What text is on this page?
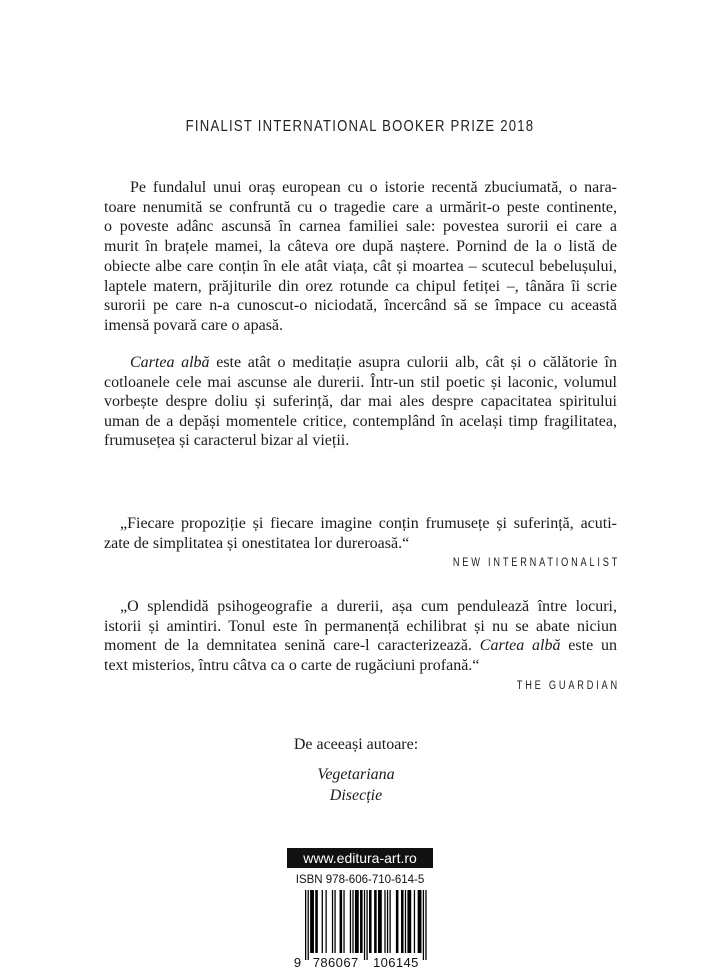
FINALIST INTERNATIONAL BOOKER PRIZE 2018
Pe fundalul unui oraș european cu o istorie recentă zbuciumată, o nara-
toare nenumită se confruntă cu o tragedie care a urmărit-o peste continente,
o poveste adânc ascunsă în carnea familiei sale: povestea surorii ei care a
murit în brațele mamei, la câteva ore după naștere. Pornind de la o listă de
obiecte albe care conțin în ele atât viața, cât și moartea – scutecul bebelușului,
laptele matern, prăjiturile din orez rotunde ca chipul fetiței –, tânăra îi scrie
surorii pe care n-a cunoscut-o niciodată, încercând să se împace cu această
imensă povară care o apasă.
Cartea albă este atât o meditație asupra culorii alb, cât și o călătorie în
cotloanele cele mai ascunse ale durerii. Într-un stil poetic și laconic, volumul
vorbește despre doliu și suferință, dar mai ales despre capacitatea spiritului
uman de a depăși momentele critice, contemplând în același timp fragilitatea,
frumusețea și caracterul bizar al vieții.
„Fiecare propoziție și fiecare imagine conțin frumusețe și suferință, acuti-
zate de simplitatea și onestitatea lor dureroasă.“
NEW INTERNATIONALIST
„O splendidă psihogeografie a durerii, așa cum pendulează între locuri,
istorii și amintiri. Tonul este în permanență echilibrat și nu se abate niciun
moment de la demnitatea senină care-l caracterizează. Cartea albă este un
text misterios, întru câtva ca o carte de rugăciuni profană.“
THE GUARDIAN
De aceeași autoare:
Vegetariana
Disecție
www.editura-art.ro
ISBN 978-606-710-614-5
9 786067 106145
